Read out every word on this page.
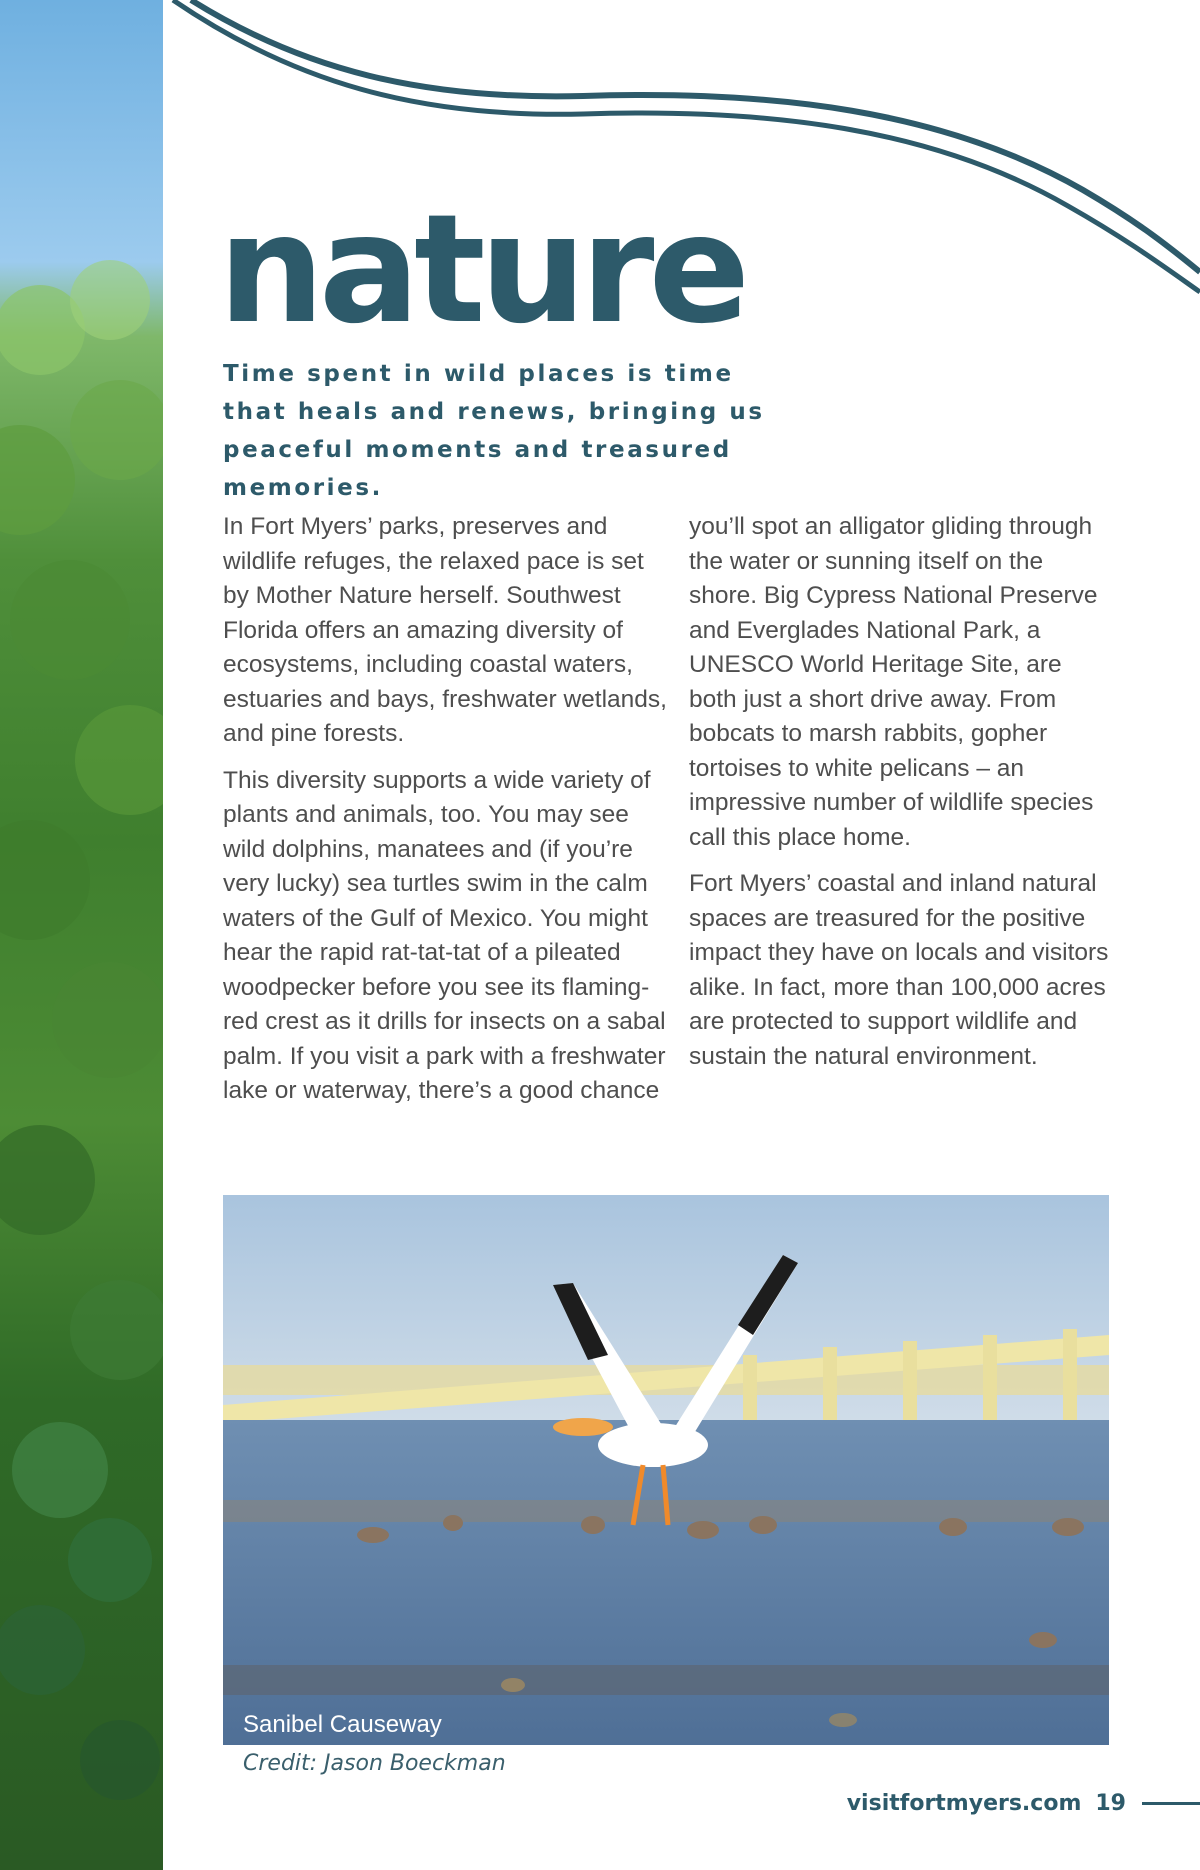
nature

Time spent in wild places is time that heals and renews, bringing us peaceful moments and treasured memories.

In Fort Myers’ parks, preserves and wildlife refuges, the relaxed pace is set by Mother Nature herself. Southwest Florida offers an amazing diversity of ecosystems, including coastal waters, estuaries and bays, freshwater wetlands, and pine forests.

This diversity supports a wide variety of plants and animals, too. You may see wild dolphins, manatees and (if you’re very lucky) sea turtles swim in the calm waters of the Gulf of Mexico. You might hear the rapid rat-tat-tat of a pileated woodpecker before you see its flaming-red crest as it drills for insects on a sabal palm. If you visit a park with a freshwater lake or waterway, there’s a good chance

you’ll spot an alligator gliding through the water or sunning itself on the shore. Big Cypress National Preserve and Everglades National Park, a UNESCO World Heritage Site, are both just a short drive away. From bobcats to marsh rabbits, gopher tortoises to white pelicans – an impressive number of wildlife species call this place home.

Fort Myers’ coastal and inland natural spaces are treasured for the positive impact they have on locals and visitors alike. In fact, more than 100,000 acres are protected to support wildlife and sustain the natural environment.

Sanibel Causeway

Credit: Jason Boeckman

visitfortmyers.com 19
